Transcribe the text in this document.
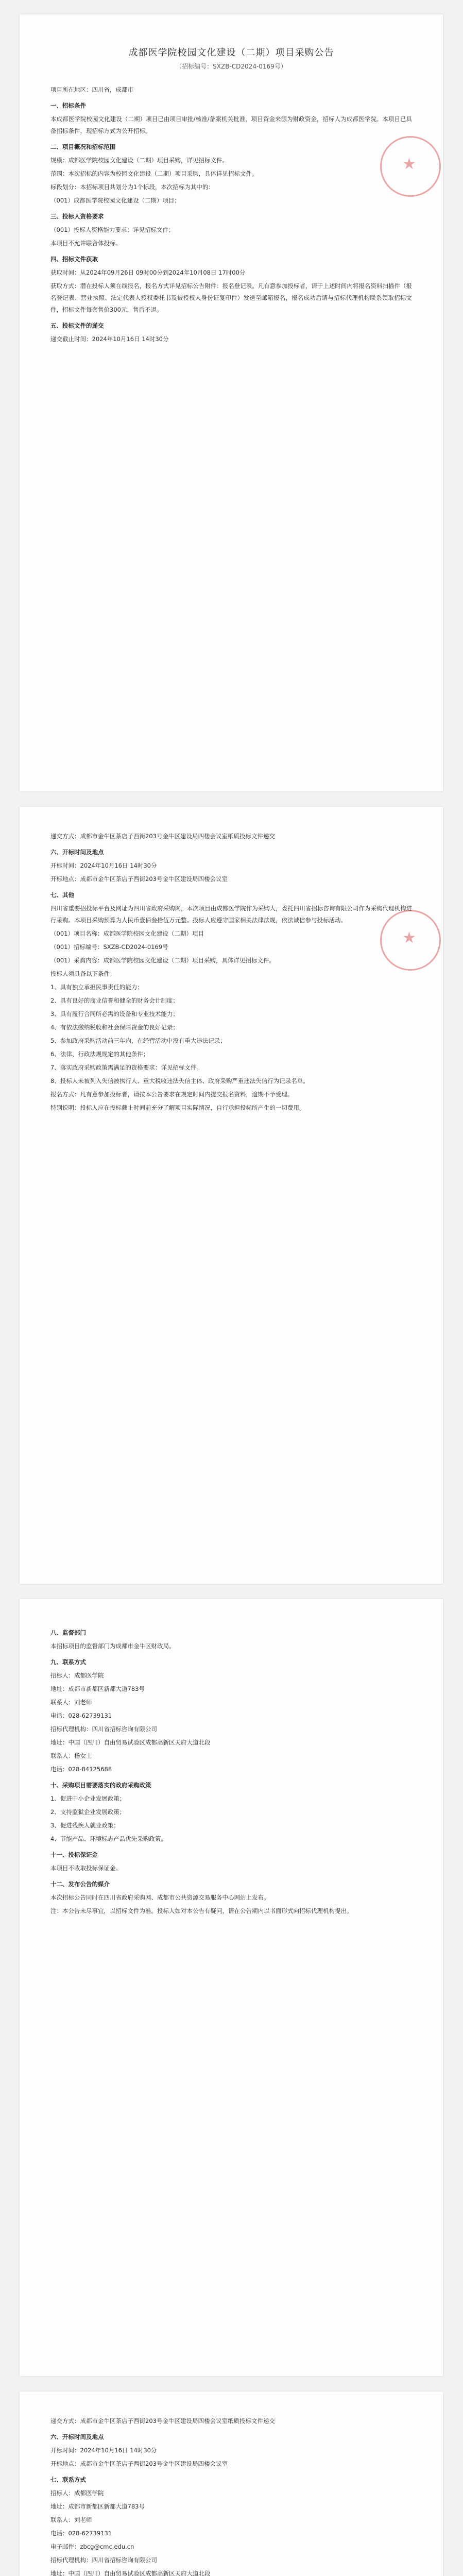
★
成都医学院校园文化建设（二期）项目采购公告
（招标编号：SXZB-CD2024-0169号）

项目所在地区：四川省，成都市

一、招标条件

本成都医学院校园文化建设（二期）项目已由项目审批/核准/备案机关批准，项目资金来源为财政资金，招标人为成都医学院。本项目已具备招标条件，现招标方式为公开招标。

二、项目概况和招标范围

规模：成都医学院校园文化建设（二期）项目采购，详见招标文件。

范围：本次招标的内容为校园文化建设（二期）项目采购，具体详见招标文件。

标段划分：本招标项目共划分为1个标段，本次招标为其中的：

（001）成都医学院校园文化建设（二期）项目；

三、投标人资格要求

（001）投标人资格能力要求：详见招标文件；

本项目不允许联合体投标。

四、招标文件获取

获取时间：从2024年09月26日 09时00分到2024年10月08日 17时00分

获取方式：潜在投标人须在线报名，报名方式详见招标公告附件：报名登记表。凡有意参加投标者，请于上述时间内将报名资料扫描件（报名登记表、营业执照、法定代表人授权委托书及被授权人身份证复印件）发送至邮箱报名，报名成功后请与招标代理机构联系领取招标文件，招标文件每套售价300元，售后不退。

五、投标文件的递交

递交截止时间：2024年10月16日 14时30分

★

递交方式：成都市金牛区茶店子西街203号金牛区建设局四楼会议室纸质投标文件递交

六、开标时间及地点

开标时间：2024年10月16日 14时30分

开标地点：成都市金牛区茶店子西街203号金牛区建设局四楼会议室

七、其他

四川省重要招投标平台及网址为四川省政府采购网，本次项目由成都医学院作为采购人，委托四川省招标咨询有限公司作为采购代理机构进行采购。本项目采购预算为人民币壹佰叁拾伍万元整。投标人应遵守国家相关法律法规，依法诚信参与投标活动。

（001）项目名称：成都医学院校园文化建设（二期）项目

（001）招标编号：SXZB-CD2024-0169号

（001）采购内容：成都医学院校园文化建设（二期）项目采购，具体详见招标文件。

投标人须具备以下条件：

1、具有独立承担民事责任的能力；

2、具有良好的商业信誉和健全的财务会计制度；

3、具有履行合同所必需的设备和专业技术能力；

4、有依法缴纳税收和社会保障资金的良好记录；

5、参加政府采购活动前三年内，在经营活动中没有重大违法记录；

6、法律、行政法规规定的其他条件；

7、落实政府采购政策需满足的资格要求：详见招标文件。

8、投标人未被列入失信被执行人、重大税收违法失信主体、政府采购严重违法失信行为记录名单。

报名方式：凡有意参加投标者，请按本公告要求在规定时间内提交报名资料，逾期不予受理。

特别说明：投标人应在投标截止时间前充分了解项目实际情况，自行承担投标所产生的一切费用。

八、监督部门

本招标项目的监督部门为成都市金牛区财政局。

九、联系方式

招标人：成都医学院

地址：成都市新都区新都大道783号

联系人：刘老师

电话：028-62739131

招标代理机构：四川省招标咨询有限公司

地址：中国（四川）自由贸易试验区成都高新区天府大道北段

联系人：杨女士

电话：028-84125688

十、采购项目需要落实的政府采购政策

1、促进中小企业发展政策；

2、支持监狱企业发展政策；

3、促进残疾人就业政策；

4、节能产品、环境标志产品优先采购政策。

十一、投标保证金

本项目不收取投标保证金。

十二、发布公告的媒介

本次招标公告同时在四川省政府采购网、成都市公共资源交易服务中心网站上发布。

注：本公告未尽事宜，以招标文件为准。投标人如对本公告有疑问，请在公告期内以书面形式向招标代理机构提出。

递交方式：成都市金牛区茶店子西街203号金牛区建设局四楼会议室纸质投标文件递交

六、开标时间及地点

开标时间：2024年10月16日 14时30分

开标地点：成都市金牛区茶店子西街203号金牛区建设局四楼会议室

七、联系方式

招标人：成都医学院

地址：成都市新都区新都大道783号

联系人：刘老师

电话：028-62739131

电子邮件：zbcg@cmc.edu.cn

招标代理机构：四川省招标咨询有限公司

地址：中国（四川）自由贸易试验区成都高新区天府大道北段
